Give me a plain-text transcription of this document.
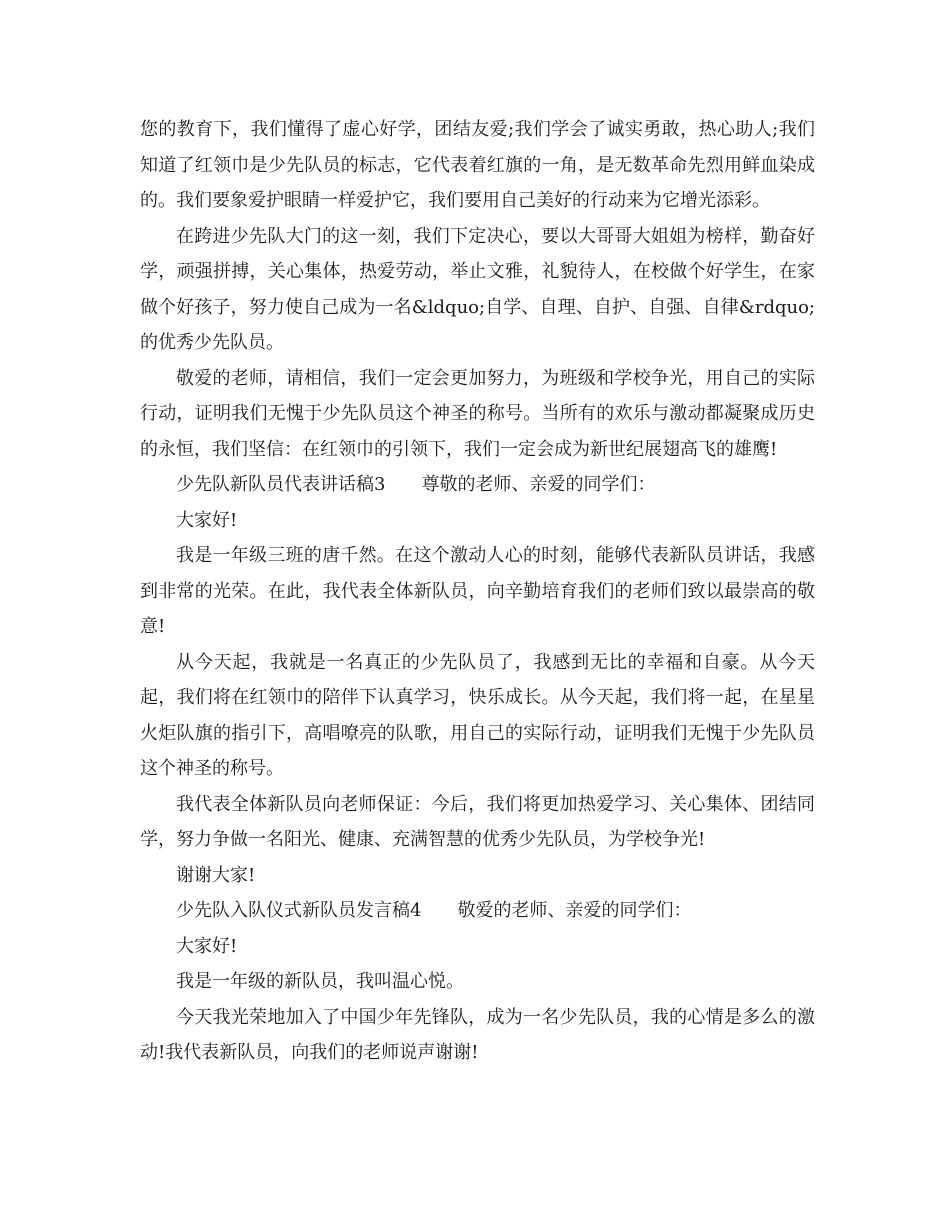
您的教育下，我们懂得了虚心好学，团结友爱;我们学会了诚实勇敢，热心助人;我们知道了红领巾是少先队员的标志，它代表着红旗的一角，是无数革命先烈用鲜血染成的。我们要象爱护眼睛一样爱护它，我们要用自己美好的行动来为它增光添彩。

在跨进少先队大门的这一刻，我们下定决心，要以大哥哥大姐姐为榜样，勤奋好学，顽强拼搏，关心集体，热爱劳动，举止文雅，礼貌待人，在校做个好学生，在家做个好孩子，努力使自己成为一名&ldquo;自学、自理、自护、自强、自律&rdquo;的优秀少先队员。

敬爱的老师，请相信，我们一定会更加努力，为班级和学校争光，用自己的实际行动，证明我们无愧于少先队员这个神圣的称号。当所有的欢乐与激动都凝聚成历史的永恒，我们坚信：在红领巾的引领下，我们一定会成为新世纪展翅高飞的雄鹰!

少先队新队员代表讲话稿3　　尊敬的老师、亲爱的同学们：

大家好!

我是一年级三班的唐千然。在这个激动人心的时刻，能够代表新队员讲话，我感到非常的光荣。在此，我代表全体新队员，向辛勤培育我们的老师们致以最崇高的敬意!

从今天起，我就是一名真正的少先队员了，我感到无比的幸福和自豪。从今天起，我们将在红领巾的陪伴下认真学习，快乐成长。从今天起，我们将一起，在星星火炬队旗的指引下，高唱嘹亮的队歌，用自己的实际行动，证明我们无愧于少先队员这个神圣的称号。

我代表全体新队员向老师保证：今后，我们将更加热爱学习、关心集体、团结同学，努力争做一名阳光、健康、充满智慧的优秀少先队员，为学校争光!

谢谢大家!

少先队入队仪式新队员发言稿4　　敬爱的老师、亲爱的同学们：

大家好!

我是一年级的新队员，我叫温心悦。

今天我光荣地加入了中国少年先锋队，成为一名少先队员，我的心情是多么的激动!我代表新队员，向我们的老师说声谢谢!
